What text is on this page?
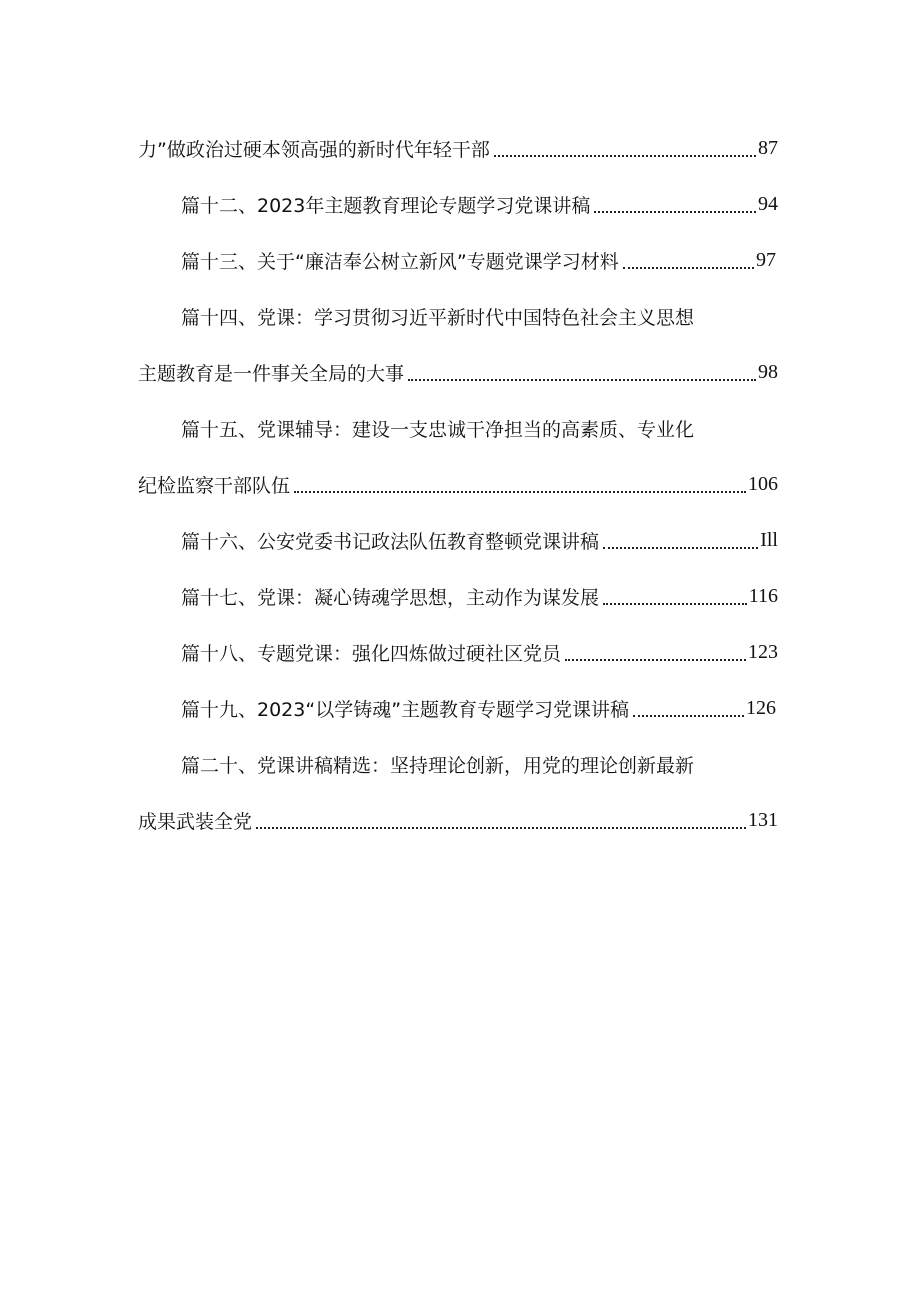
力”做政治过硬本领高强的新时代年轻干部	87
篇十二、2023年主题教育理论专题学习党课讲稿	94
篇十三、关于“廉洁奉公树立新风”专题党课学习材料	97
篇十四、党课：学习贯彻习近平新时代中国特色社会主义思想
主题教育是一件事关全局的大事	98
篇十五、党课辅导：建设一支忠诚干净担当的高素质、专业化
纪检监察干部队伍	106
篇十六、公安党委书记政法队伍教育整顿党课讲稿	Ill
篇十七、党课：凝心铸魂学思想，主动作为谋发展	116
篇十八、专题党课：强化四炼做过硬社区党员	123
篇十九、2023“以学铸魂”主题教育专题学习党课讲稿	126
篇二十、党课讲稿精选：坚持理论创新，用党的理论创新最新
成果武装全党	131
